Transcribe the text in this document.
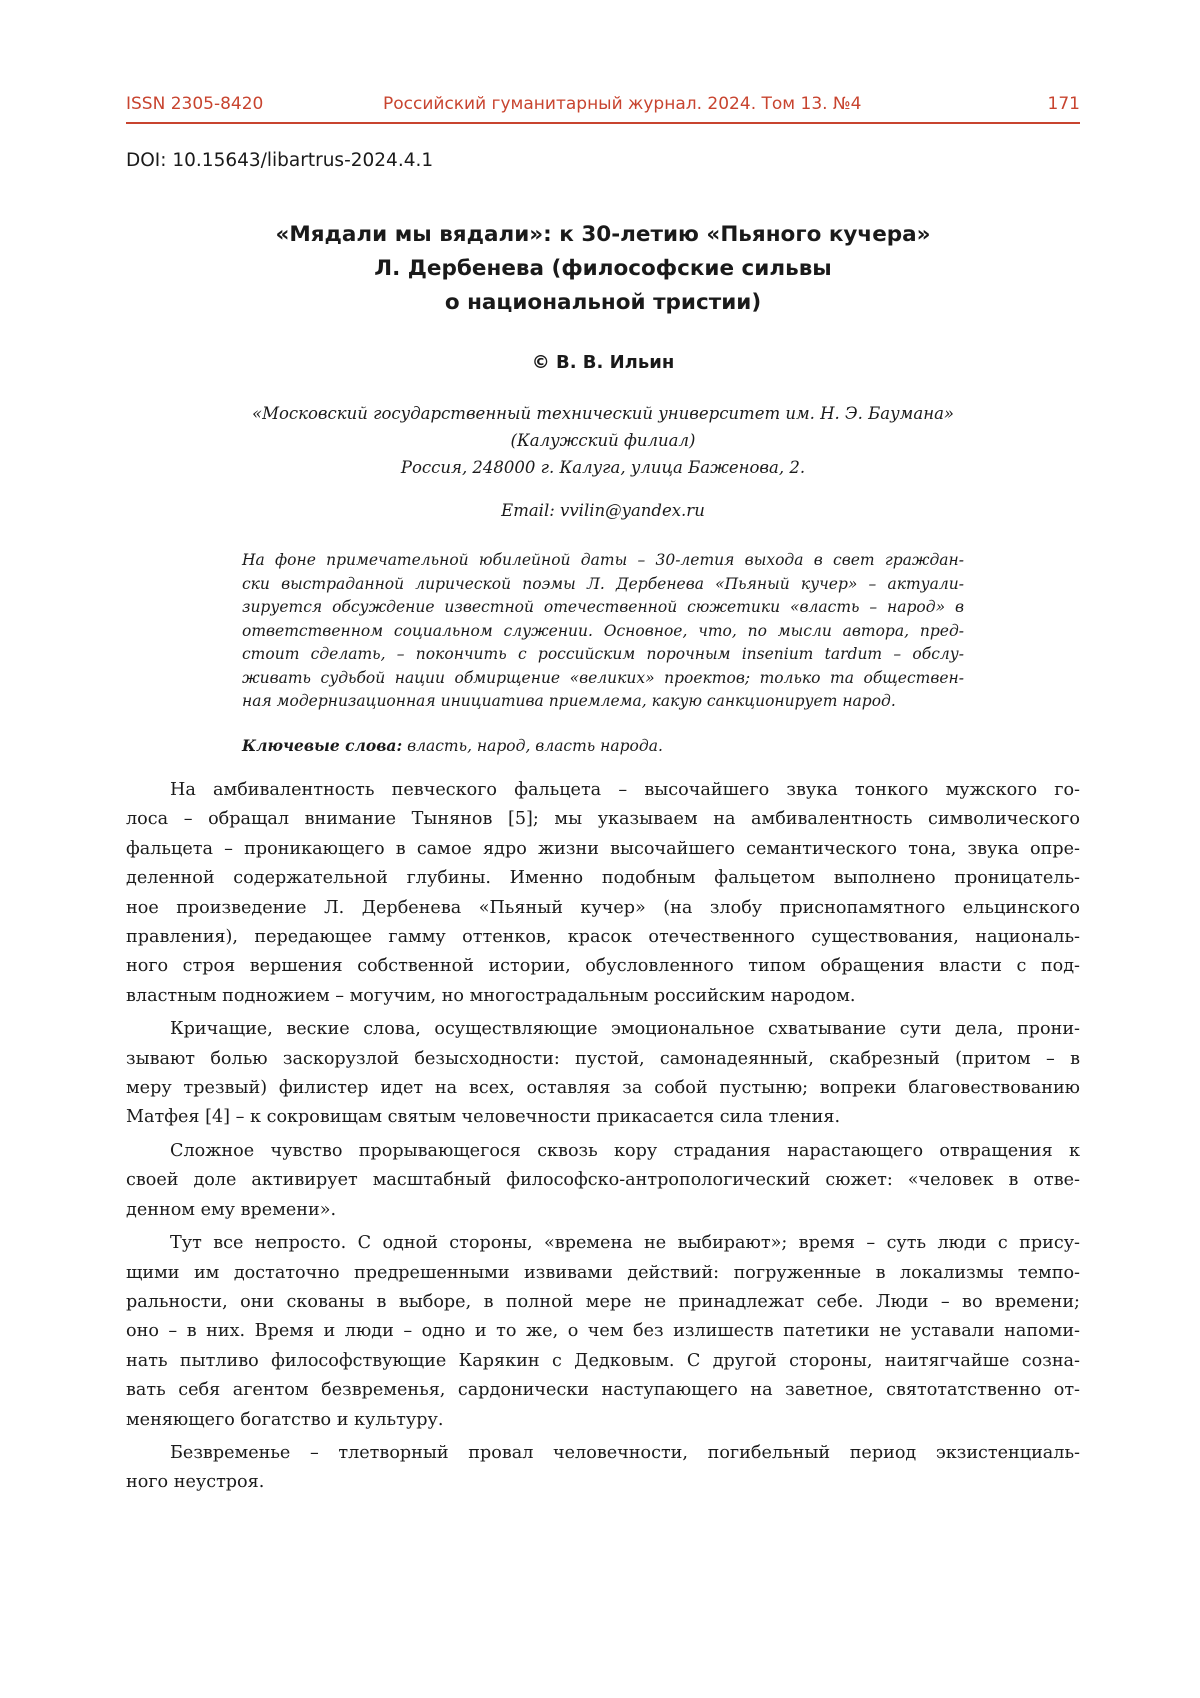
ISSN 2305-8420	Российский гуманитарный журнал. 2024. Том 13. №4	171
DOI: 10.15643/libartrus-2024.4.1
«Мядали мы вядали»: к 30-летию «Пьяного кучера»
Л. Дербенева (философские сильвы
о национальной тристии)
© В. В. Ильин
«Московский государственный технический университет им. Н. Э. Баумана»
(Калужский филиал)
Россия, 248000 г. Калуга, улица Баженова, 2.
Email: vvilin@yandex.ru
На фоне примечательной юбилейной даты – 30-летия выхода в свет граждан-
ски выстраданной лирической поэмы Л. Дербенева «Пьяный кучер» – актуали-
зируется обсуждение известной отечественной сюжетики «власть – народ» в
ответственном социальном служении. Основное, что, по мысли автора, пред-
стоит сделать, – покончить с российским порочным insenium tardum – обслу-
живать судьбой нации обмирщение «великих» проектов; только та обществен-
ная модернизационная инициатива приемлема, какую санкционирует народ.
Ключевые слова: власть, народ, власть народа.
На амбивалентность певческого фальцета – высочайшего звука тонкого мужского го-
лоса – обращал внимание Тынянов [5]; мы указываем на амбивалентность символического
фальцета – проникающего в самое ядро жизни высочайшего семантического тона, звука опре-
деленной содержательной глубины. Именно подобным фальцетом выполнено проницатель-
ное произведение Л. Дербенева «Пьяный кучер» (на злобу приснопамятного ельцинского
правления), передающее гамму оттенков, красок отечественного существования, националь-
ного строя вершения собственной истории, обусловленного типом обращения власти с под-
властным подножием – могучим, но многострадальным российским народом.
Кричащие, веские слова, осуществляющие эмоциональное схватывание сути дела, прони-
зывают болью заскорузлой безысходности: пустой, самонадеянный, скабрезный (притом – в
меру трезвый) филистер идет на всех, оставляя за собой пустыню; вопреки благовествованию
Матфея [4] – к сокровищам святым человечности прикасается сила тления.
Сложное чувство прорывающегося сквозь кору страдания нарастающего отвращения к
своей доле активирует масштабный философско-антропологический сюжет: «человек в отве-
денном ему времени».
Тут все непросто. С одной стороны, «времена не выбирают»; время – суть люди с прису-
щими им достаточно предрешенными извивами действий: погруженные в локализмы темпо-
ральности, они скованы в выборе, в полной мере не принадлежат себе. Люди – во времени;
оно – в них. Время и люди – одно и то же, о чем без излишеств патетики не уставали напоми-
нать пытливо философствующие Карякин с Дедковым. С другой стороны, наитягчайше созна-
вать себя агентом безвременья, сардонически наступающего на заветное, святотатственно от-
меняющего богатство и культуру.
Безвременье – тлетворный провал человечности, погибельный период экзистенциаль-
ного неустроя.
